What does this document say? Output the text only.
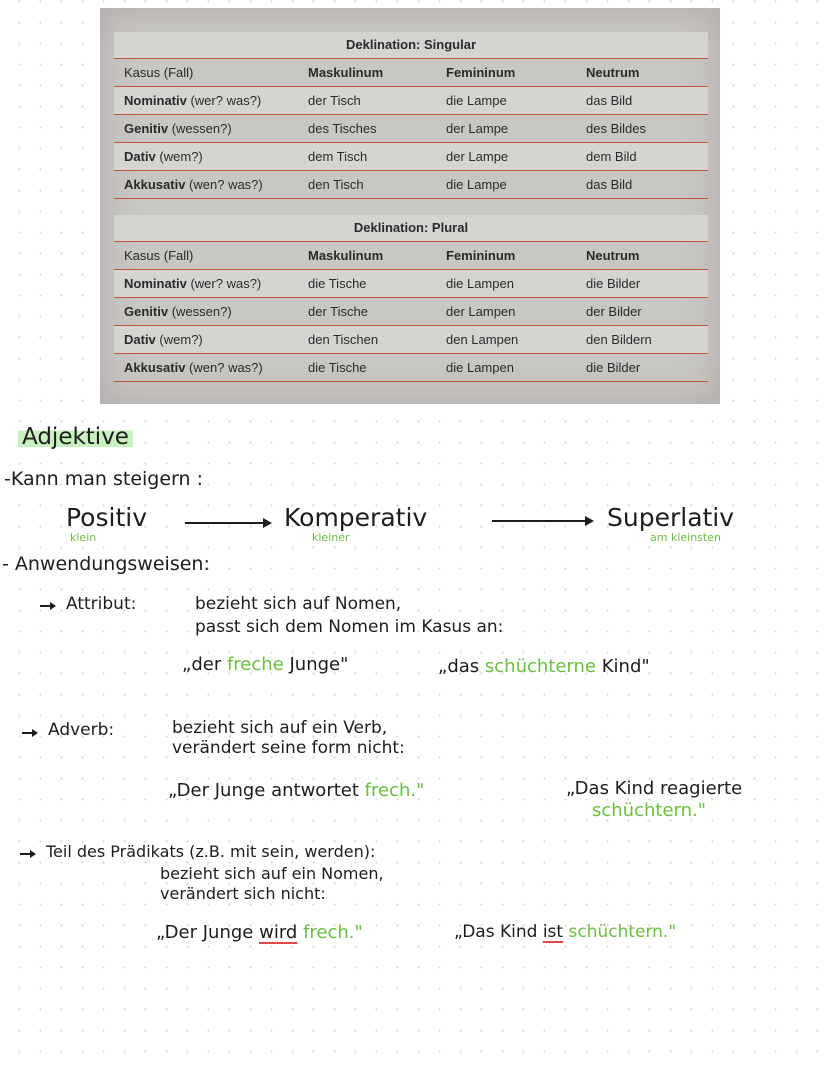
Deklination: Singular
Kasus (Fall)	Maskulinum	Femininum	Neutrum
Nominativ (wer? was?)	der Tisch	die Lampe	das Bild
Genitiv (wessen?)	des Tisches	der Lampe	des Bildes
Dativ (wem?)	dem Tisch	der Lampe	dem Bild
Akkusativ (wen? was?)	den Tisch	die Lampe	das Bild
Deklination: Plural
Kasus (Fall)	Maskulinum	Femininum	Neutrum
Nominativ (wer? was?)	die Tische	die Lampen	die Bilder
Genitiv (wessen?)	der Tische	der Lampen	der Bilder
Dativ (wem?)	den Tischen	den Lampen	den Bildern
Akkusativ (wen? was?)	die Tische	die Lampen	die Bilder
Adjektive
-Kann man steigern :
Positiv
klein
Komperativ
kleiner
Superlativ
am kleinsten
- Anwendungsweisen:
Attribut:	bezieht sich auf Nomen,
passt sich dem Nomen im Kasus an:
„der freche Junge"	„das schüchterne Kind"
Adverb:	bezieht sich auf ein Verb,
verändert seine form nicht:
„Der Junge antwortet frech."	„Das Kind reagierte
schüchtern."
Teil des Prädikats (z.B. mit sein, werden):
bezieht sich auf ein Nomen,
verändert sich nicht:
„Der Junge wird frech."	„Das Kind ist schüchtern."
